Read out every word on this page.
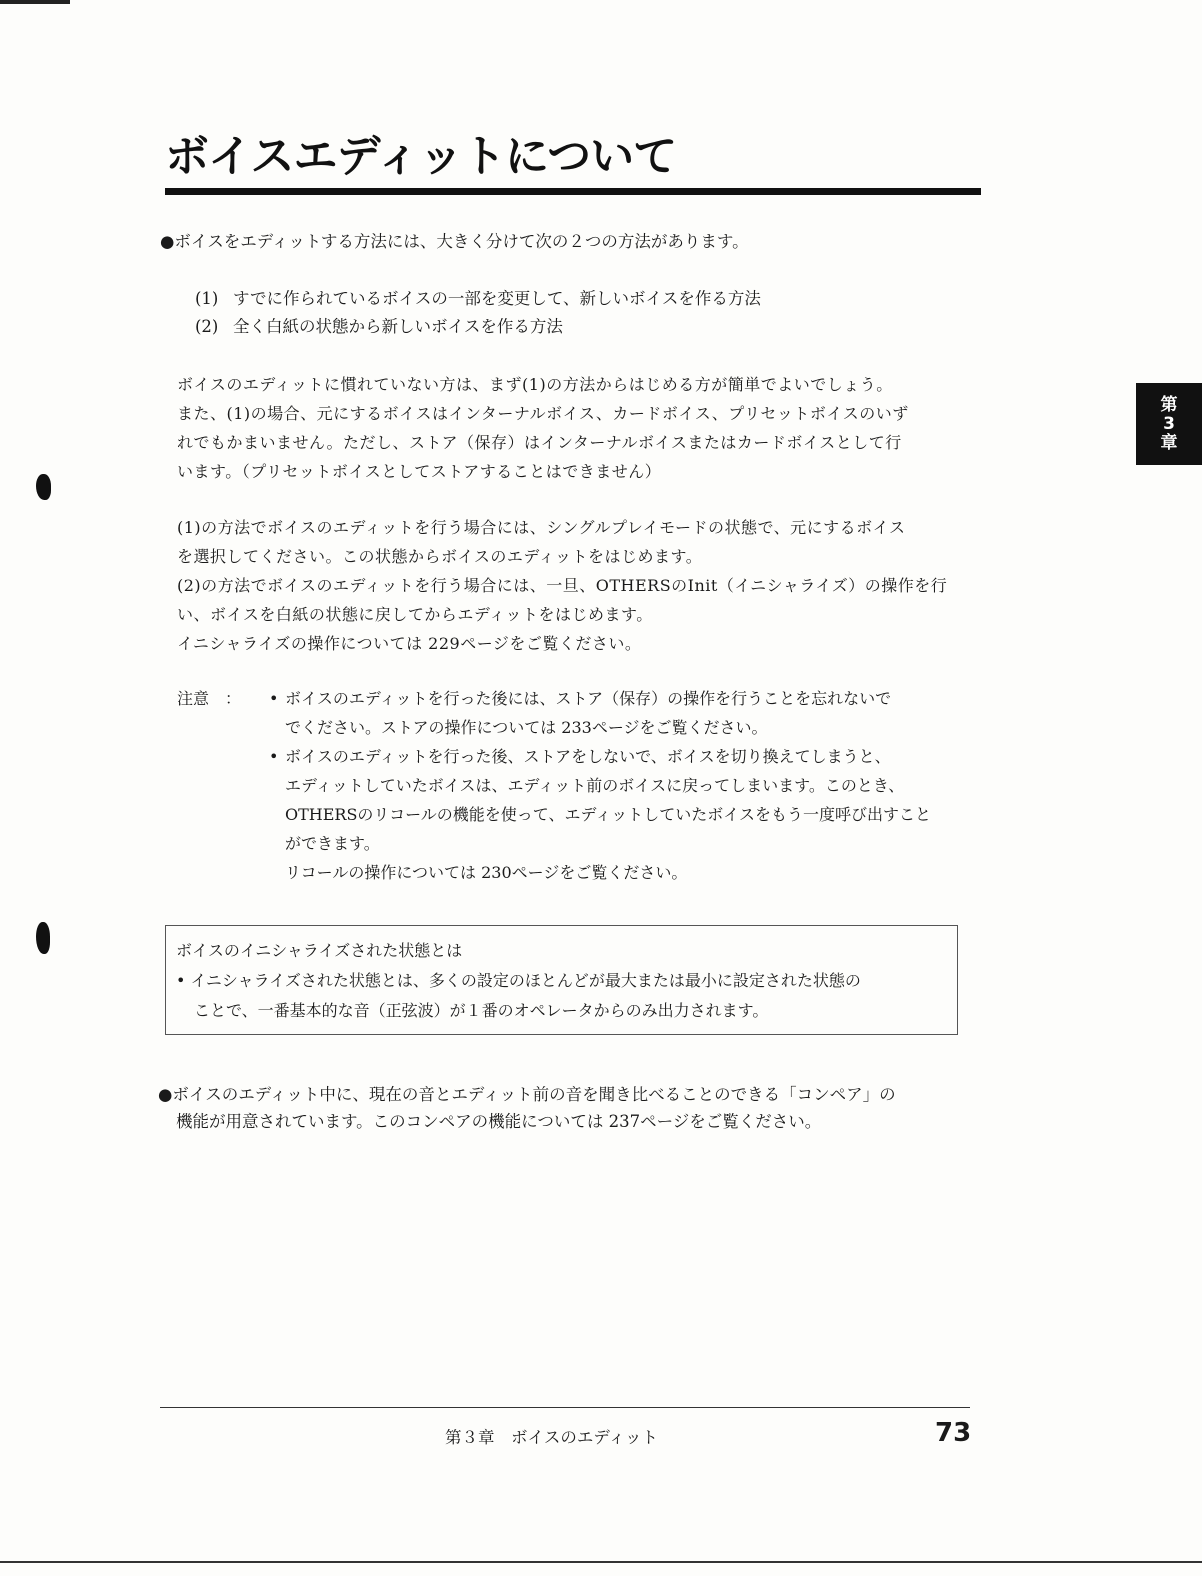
ボイスエディットについて
●ボイスをエディットする方法には、大きく分けて次の２つの方法があります。
(1) すでに作られているボイスの一部を変更して、新しいボイスを作る方法
(2) 全く白紙の状態から新しいボイスを作る方法
ボイスのエディットに慣れていない方は、まず(1)の方法からはじめる方が簡単でよいでしょう。
また、(1)の場合、元にするボイスはインターナルボイス、カードボイス、プリセットボイスのいず
れでもかまいません。ただし、ストア（保存）はインターナルボイスまたはカードボイスとして行
います。（プリセットボイスとしてストアすることはできません）
(1)の方法でボイスのエディットを行う場合には、シングルプレイモードの状態で、元にするボイス
を選択してください。この状態からボイスのエディットをはじめます。
(2)の方法でボイスのエディットを行う場合には、一旦、OTHERSのInit（イニシャライズ）の操作を行
い、ボイスを白紙の状態に戻してからエディットをはじめます。
イニシャライズの操作については 229ページをご覧ください。
注意　：	• ボイスのエディットを行った後には、ストア（保存）の操作を行うことを忘れないで
でください。ストアの操作については 233ページをご覧ください。
• ボイスのエディットを行った後、ストアをしないで、ボイスを切り換えてしまうと、
エディットしていたボイスは、エディット前のボイスに戻ってしまいます。このとき、
OTHERSのリコールの機能を使って、エディットしていたボイスをもう一度呼び出すこと
ができます。
リコールの操作については 230ページをご覧ください。
ボイスのイニシャライズされた状態とは
• イニシャライズされた状態とは、多くの設定のほとんどが最大または最小に設定された状態の
ことで、一番基本的な音（正弦波）が１番のオペレータからのみ出力されます。
●ボイスのエディット中に、現在の音とエディット前の音を聞き比べることのできる「コンペア」の
機能が用意されています。このコンペアの機能については 237ページをご覧ください。
第
3
章
第３章　ボイスのエディット	73
